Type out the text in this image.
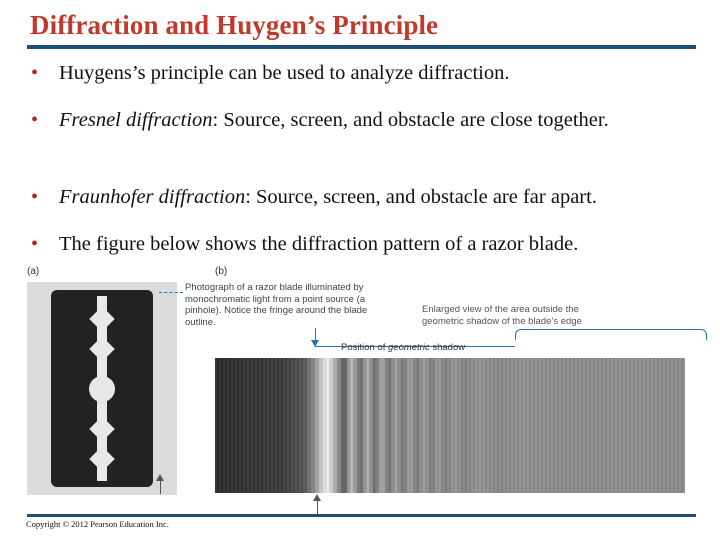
Diffraction and Huygen’s Principle
• Huygens’s principle can be used to analyze diffraction.
• Fresnel diffraction: Source, screen, and obstacle are close together.
• Fraunhofer diffraction: Source, screen, and obstacle are far apart.
• The figure below shows the diffraction pattern of a razor blade.
(a)	(b)
Photograph of a razor blade illuminated by monochromatic light from a point source (a pinhole). Notice the fringe around the blade outline.
Enlarged view of the area outside the geometric shadow of the blade’s edge
Position of geometric shadow
Copyright © 2012 Pearson Education Inc.
